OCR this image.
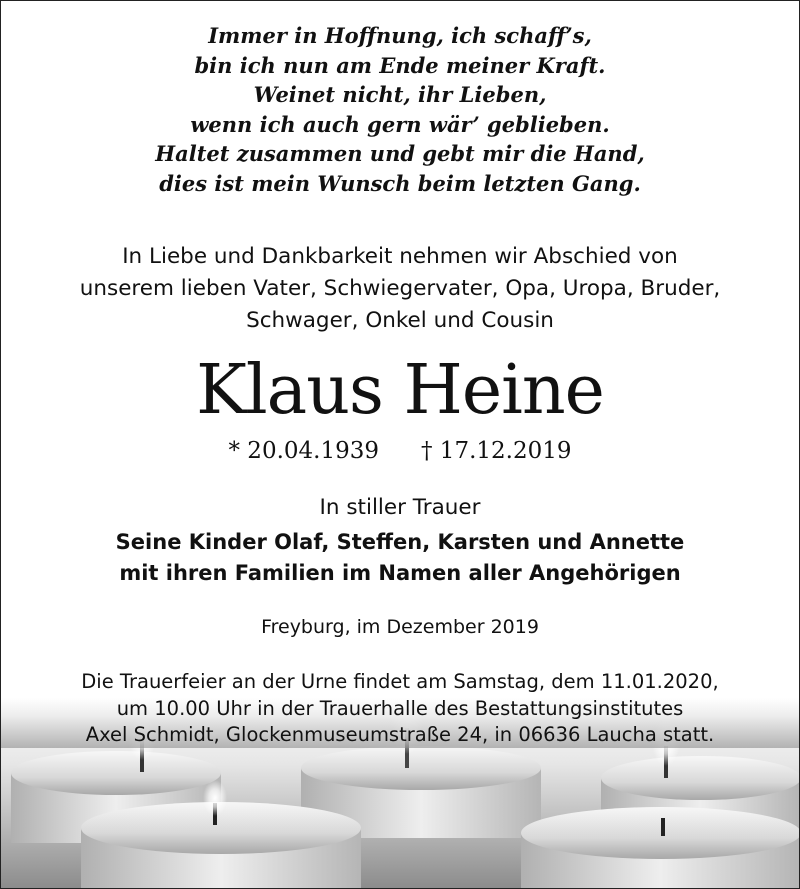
Immer in Hoffnung, ich schaff’s,
bin ich nun am Ende meiner Kraft.
Weinet nicht, ihr Lieben,
wenn ich auch gern wär’ geblieben.
Haltet zusammen und gebt mir die Hand,
dies ist mein Wunsch beim letzten Gang.
In Liebe und Dankbarkeit nehmen wir Abschied von
unserem lieben Vater, Schwiegervater, Opa, Uropa, Bruder,
Schwager, Onkel und Cousin
Klaus Heine
* 20.04.1939 † 17.12.2019
In stiller Trauer
Seine Kinder Olaf, Steffen, Karsten und Annette
mit ihren Familien im Namen aller Angehörigen
Freyburg, im Dezember 2019
Die Trauerfeier an der Urne findet am Samstag, dem 11.01.2020,
um 10.00 Uhr in der Trauerhalle des Bestattungsinstitutes
Axel Schmidt, Glockenmuseumstraße 24, in 06636 Laucha statt.
